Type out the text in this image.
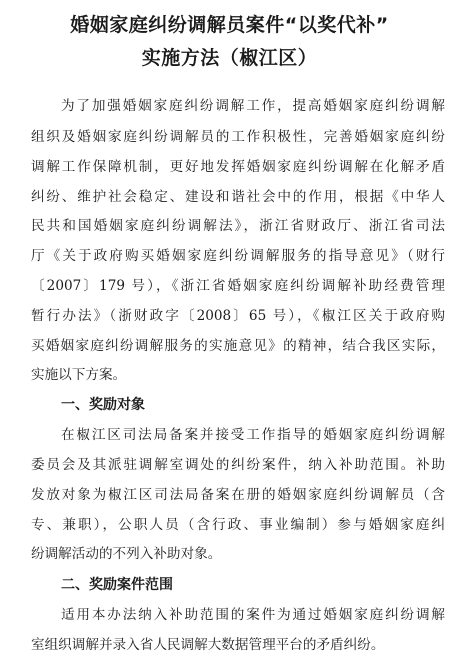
婚姻家庭纠纷调解员案件“以奖代补”
实施方法（椒江区）
为了加强婚姻家庭纠纷调解工作，提高婚姻家庭纠纷调解
组织及婚姻家庭纠纷调解员的工作积极性，完善婚姻家庭纠纷
调解工作保障机制，更好地发挥婚姻家庭纠纷调解在化解矛盾
纠纷、维护社会稳定、建设和谐社会中的作用，根据《中华人
民共和国婚姻家庭纠纷调解法》，浙江省财政厅、浙江省司法
厅《关于政府购买婚姻家庭纠纷调解服务的指导意见》（财行
〔2007〕179 号），《浙江省婚姻家庭纠纷调解补助经费管理
暂行办法》（浙财政字〔2008〕65 号），《椒江区关于政府购
买婚姻家庭纠纷调解服务的实施意见》的精神，结合我区实际，
实施以下方案。
一、奖励对象
在椒江区司法局备案并接受工作指导的婚姻家庭纠纷调解
委员会及其派驻调解室调处的纠纷案件，纳入补助范围。补助
发放对象为椒江区司法局备案在册的婚姻家庭纠纷调解员（含
专、兼职），公职人员（含行政、事业编制）参与婚姻家庭纠
纷调解活动的不列入补助对象。
二、奖励案件范围
适用本办法纳入补助范围的案件为通过婚姻家庭纠纷调解
室组织调解并录入省人民调解大数据管理平台的矛盾纠纷。
